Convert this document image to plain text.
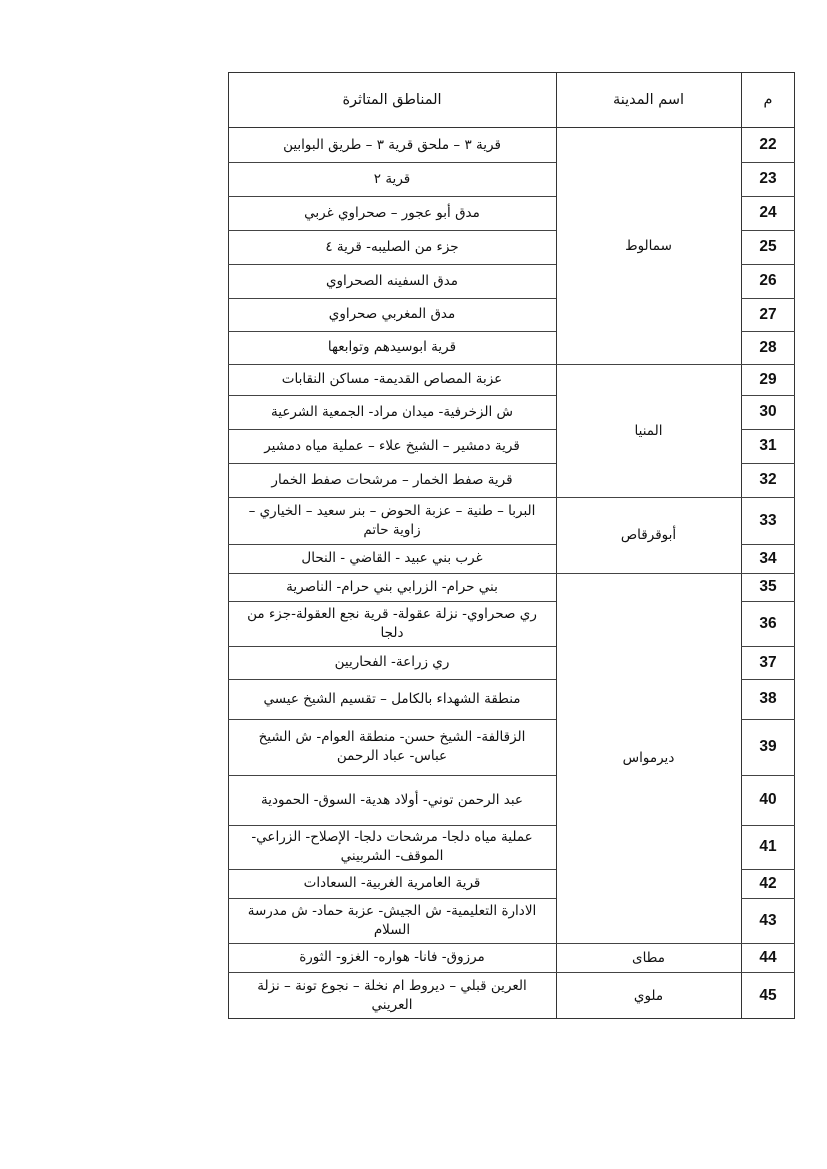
المناطق المتاثرة	اسم المدينة	م
22
23
24
25
26
27
28
29
30
31
32
33
34
35
36
37
38
39
40
41
42
43
44
45
قرية ٣ – ملحق قرية ٣ – طريق البوابين
قرية ٢
مدق أبو عجور – صحراوي غربي
جزء من الصليبه- قرية ٤
مدق السفينه الصحراوي
مدق المغربي صحراوي
قرية ابوسيدهم وتوابعها
عزبة المصاص القديمة- مساكن النقابات
ش الزخرفية- ميدان مراد- الجمعية الشرعية
قرية دمشير – الشيخ علاء – عملية مياه دمشير
قرية صفط الخمار – مرشحات صفط الخمار
البربا – طنية – عزبة الحوض – بنر سعيد – الخياري – زاوية حاتم
غرب بني عبيد - القاضي - النحال
بني حرام- الزرابي بني حرام- الناصرية
ري صحراوي- نزلة عقولة- قرية نجع العقولة-جزء من دلجا
ري زراعة- الفحاريين
منطقة الشهداء بالكامل – تقسيم الشيخ عيسي
الزقالفة- الشيخ حسن- منطقة العوام- ش الشيخ عباس- عباد الرحمن
عبد الرحمن توني- أولاد هدية- السوق- الحمودية
عملية مياه دلجا- مرشحات دلجا- الإصلاح- الزراعي- الموقف- الشربيني
قرية العامرية الغربية- السعادات
الادارة التعليمية- ش الجيش- عزبة حماد- ش مدرسة السلام
مرزوق- فانا- هواره- الغزو- الثورة
العرين قبلي – ديروط ام نخلة – نجوع تونة – نزلة العريني
سمالوط
المنيا
أبوقرقاص
ديرمواس
مطاى
ملوي
